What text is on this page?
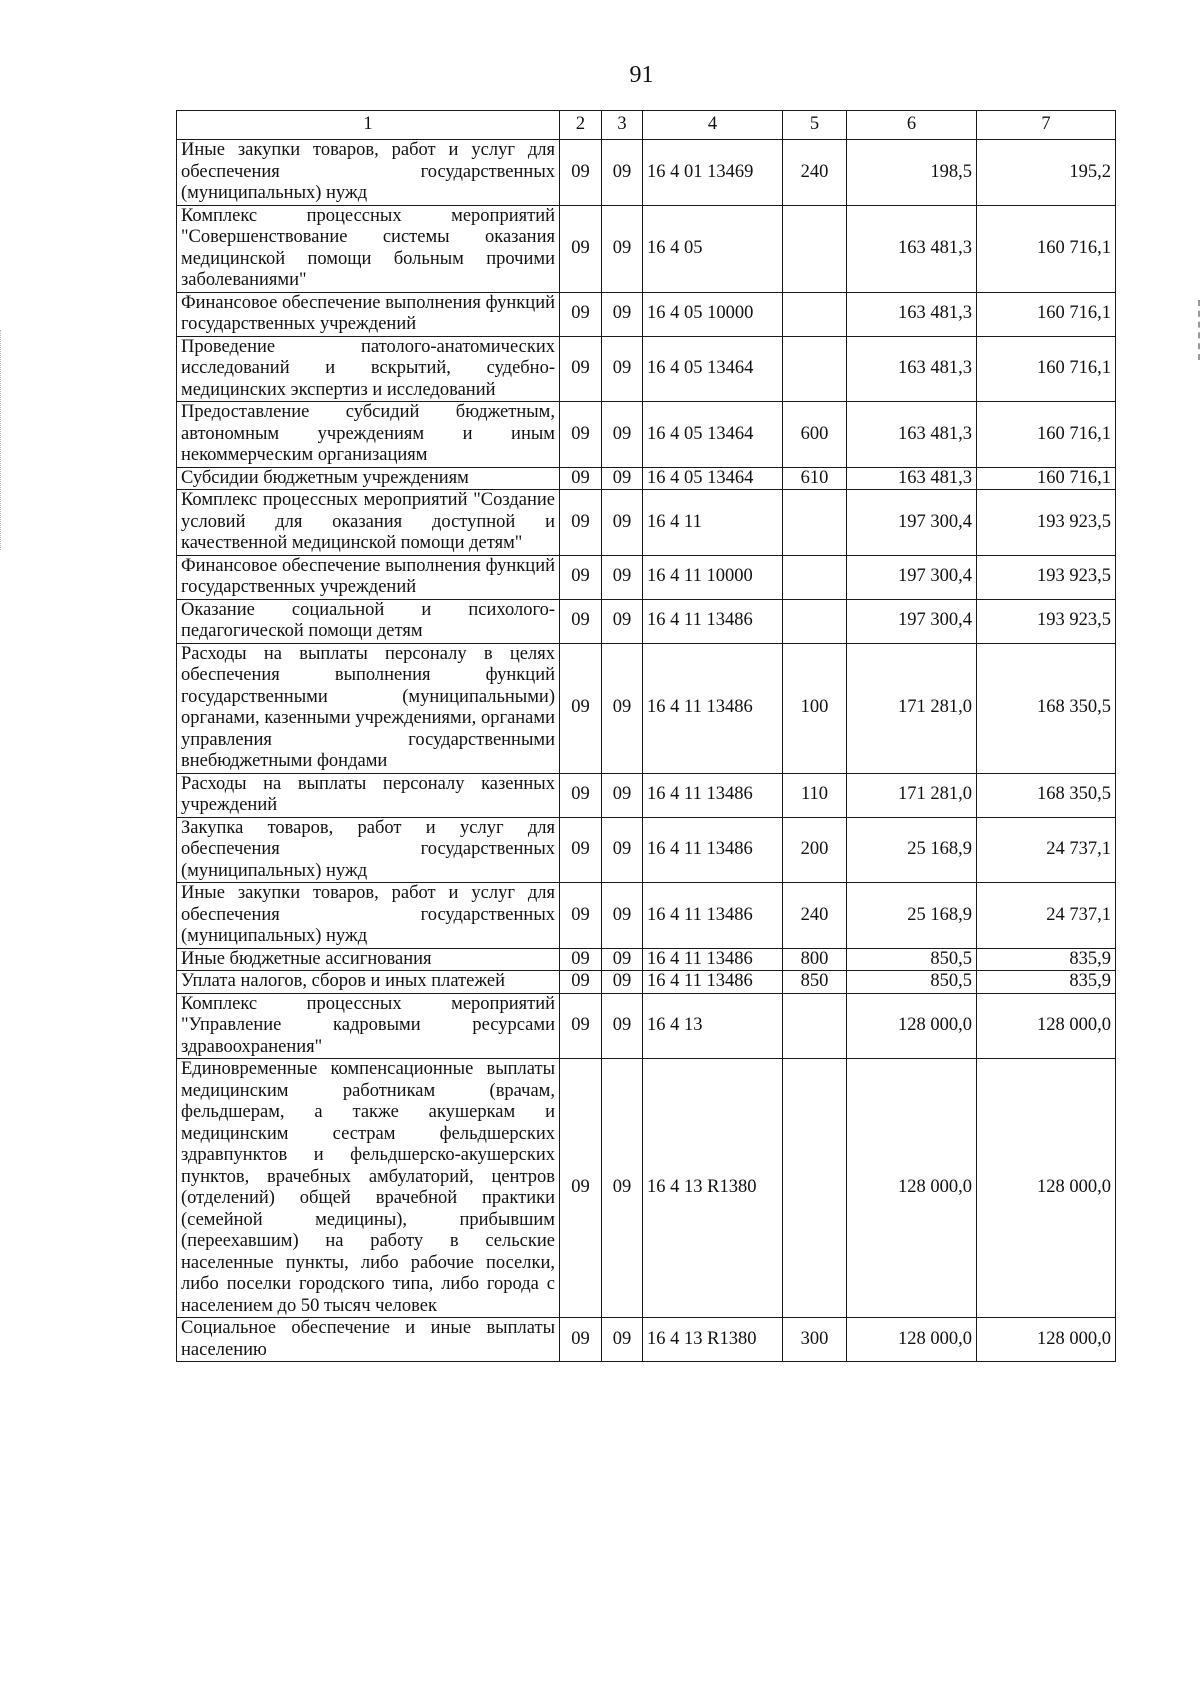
91
1	2	3	4	5	6	7
Иные закупки товаров, работ и услуг для обеспечения государственных (муниципальных) нужд	09	09	16 4 01 13469	240	198,5	195,2
Комплекс процессных мероприятий "Совершенствование системы оказания медицинской помощи больным прочими заболеваниями"	09	09	16 4 05		163 481,3	160 716,1
Финансовое обеспечение выполнения функций государственных учреждений	09	09	16 4 05 10000		163 481,3	160 716,1
Проведение патолого-анатомических исследований и вскрытий, судебно-медицинских экспертиз и исследований	09	09	16 4 05 13464		163 481,3	160 716,1
Предоставление субсидий бюджетным, автономным учреждениям и иным некоммерческим организациям	09	09	16 4 05 13464	600	163 481,3	160 716,1
Субсидии бюджетным учреждениям	09	09	16 4 05 13464	610	163 481,3	160 716,1
Комплекс процессных мероприятий "Создание условий для оказания доступной и качественной медицинской помощи детям"	09	09	16 4 11		197 300,4	193 923,5
Финансовое обеспечение выполнения функций государственных учреждений	09	09	16 4 11 10000		197 300,4	193 923,5
Оказание социальной и психолого-педагогической помощи детям	09	09	16 4 11 13486		197 300,4	193 923,5
Расходы на выплаты персоналу в целях обеспечения выполнения функций государственными (муниципальными) органами, казенными учреждениями, органами управления государственными внебюджетными фондами	09	09	16 4 11 13486	100	171 281,0	168 350,5
Расходы на выплаты персоналу казенных учреждений	09	09	16 4 11 13486	110	171 281,0	168 350,5
Закупка товаров, работ и услуг для обеспечения государственных (муниципальных) нужд	09	09	16 4 11 13486	200	25 168,9	24 737,1
Иные закупки товаров, работ и услуг для обеспечения государственных (муниципальных) нужд	09	09	16 4 11 13486	240	25 168,9	24 737,1
Иные бюджетные ассигнования	09	09	16 4 11 13486	800	850,5	835,9
Уплата налогов, сборов и иных платежей	09	09	16 4 11 13486	850	850,5	835,9
Комплекс процессных мероприятий "Управление кадровыми ресурсами здравоохранения"	09	09	16 4 13		128 000,0	128 000,0
Единовременные компенсационные выплаты медицинским работникам (врачам, фельдшерам, а также акушеркам и медицинским сестрам фельдшерских здравпунктов и фельдшерско-акушерских пунктов, врачебных амбулаторий, центров (отделений) общей врачебной практики (семейной медицины), прибывшим (переехавшим) на работу в сельские населенные пункты, либо рабочие поселки, либо поселки городского типа, либо города с населением до 50 тысяч человек	09	09	16 4 13 R1380		128 000,0	128 000,0
Социальное обеспечение и иные выплаты населению	09	09	16 4 13 R1380	300	128 000,0	128 000,0
